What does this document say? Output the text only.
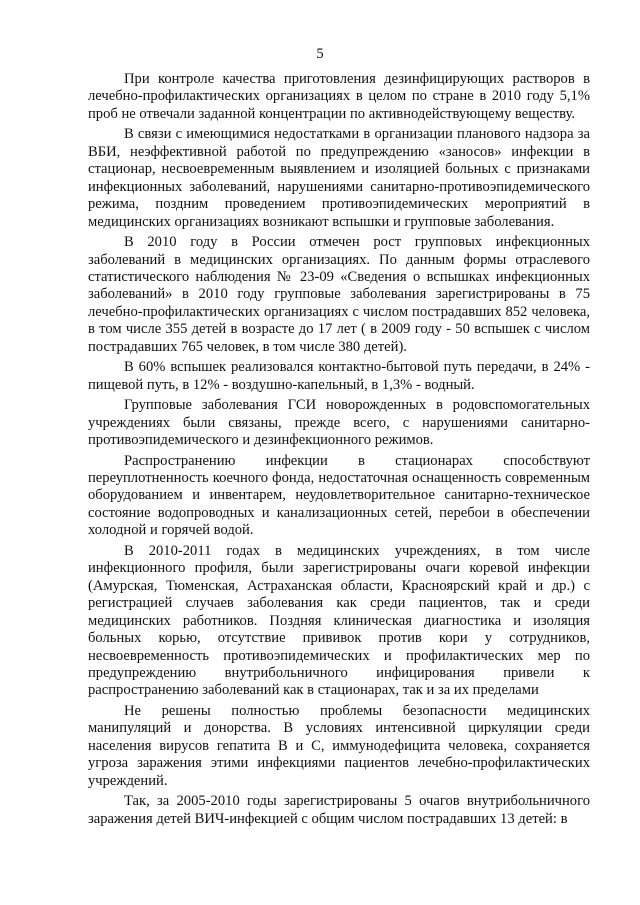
5

При контроле качества приготовления дезинфицирующих растворов в лечебно-профилактических организациях в целом по стране в 2010 году 5,1% проб не отвечали заданной концентрации по активнодействующему веществу.

В связи с имеющимися недостатками в организации планового надзора за ВБИ, неэффективной работой по предупреждению «заносов» инфекции в стационар, несвоевременным выявлением и изоляцией больных с признаками инфекционных заболеваний, нарушениями санитарно-противоэпидемического режима, поздним проведением противоэпидемических мероприятий в медицинских организациях возникают вспышки и групповые заболевания.

В 2010 году в России отмечен рост групповых инфекционных заболеваний в медицинских организациях. По данным формы отраслевого статистического наблюдения № 23-09 «Сведения о вспышках инфекционных заболеваний» в 2010 году групповые заболевания зарегистрированы в 75 лечебно-профилактических организациях с числом пострадавших 852 человека, в том числе 355 детей в возрасте до 17 лет ( в 2009 году - 50 вспышек с числом пострадавших 765 человек, в том числе 380 детей).

В 60% вспышек реализовался контактно-бытовой путь передачи, в 24% - пищевой путь, в 12% - воздушно-капельный, в 1,3% - водный.

Групповые заболевания ГСИ новорожденных в родовспомогательных учреждениях были связаны, прежде всего, с нарушениями санитарно-противоэпидемического и дезинфекционного режимов.

Распространению инфекции в стационарах способствуют переуплотненность коечного фонда, недостаточная оснащенность современным оборудованием и инвентарем, неудовлетворительное санитарно-техническое состояние водопроводных и канализационных сетей, перебои в обеспечении холодной и горячей водой.

В 2010-2011 годах в медицинских учреждениях, в том числе инфекционного профиля, были зарегистрированы очаги коревой инфекции (Амурская, Тюменская, Астраханская области, Красноярский край и др.) с регистрацией случаев заболевания как среди пациентов, так и среди медицинских работников. Поздняя клиническая диагностика и изоляция больных корью, отсутствие прививок против кори у сотрудников, несвоевременность противоэпидемических и профилактических мер по предупреждению внутрибольничного инфицирования привели к распространению заболеваний как в стационарах, так и за их пределами

Не решены полностью проблемы безопасности медицинских манипуляций и донорства. В условиях интенсивной циркуляции среди населения вирусов гепатита В и С, иммунодефицита человека, сохраняется угроза заражения этими инфекциями пациентов лечебно-профилактических учреждений.

Так, за 2005-2010 годы зарегистрированы 5 очагов внутрибольничного заражения детей ВИЧ-инфекцией с общим числом пострадавших 13 детей: в
